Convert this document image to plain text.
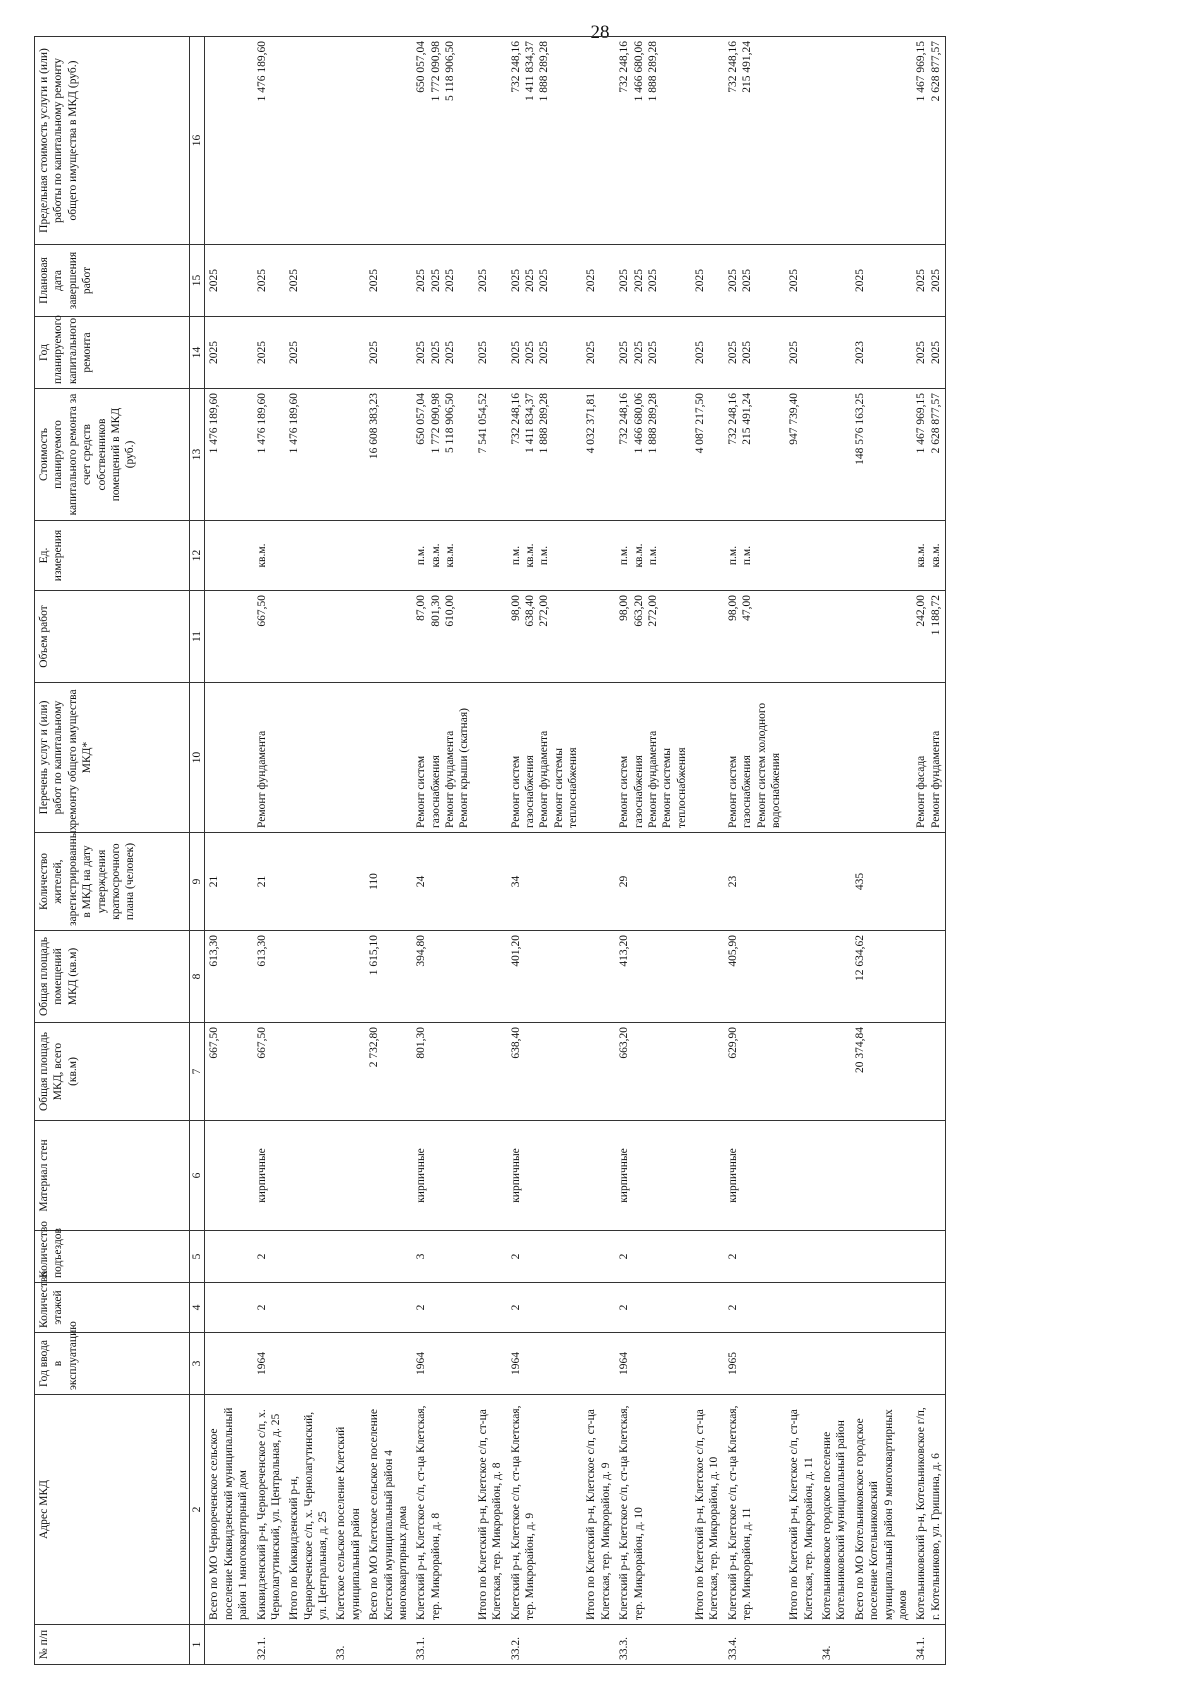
28
№ п/п	Адрес МКД	Год ввода в эксплуатацию	Количество этажей	Количество подъездов	Материал стен	Общая площадь МКД, всего (кв.м)	Общая площадь помещений МКД (кв.м)	Количество жителей, зарегистрированных в МКД на дату утверждения краткосрочного плана (человек)	Перечень услуг и (или) работ по капитальному ремонту общего имущества МКД*	Объем работ	Ед. измерения	Стоимость планируемого капитального ремонта за счет средств собственников помещений в МКД (руб.)	Год планируемого капитального ремонта	Плановая дата завершения работ	Предельная стоимость услуги и (или) работы по капитальному ремонту общего имущества в МКД (руб.)
1	2	3	4	5	6	7	8	9	10	11	12	13	14	15	16
	Всего по МО Чернореченское сельское поселение Киквидзенский муниципальный район 1 многоквартирный дом					667,50	613,30	21				1 476 189,60	2025	2025	

32.1.	Киквидзенский р-н, Чернореченское с/п, х. Чернолагутинский, ул. Центральная, д. 25	1964	2	2	кирпичные	667,50	613,30	21	Ремонт фундамента	667,50	кв.м.	1 476 189,60	2025	2025	1 476 189,60

	Итого по Киквидзенский р-н, Чернореченское с/п, х. Чернолагутинский, ул. Центральная, д. 25											1 476 189,60	2025	2025	

33.	Клетское сельское поселение Клетский муниципальный район								

	Всего по МО Клетское сельское поселение Клетский муниципальный район 4 многоквартирных дома					2 732,80	1 615,10	110				16 608 383,23	2025	2025	

33.1.	Клетский р-н, Клетское с/п, ст-ца Клетская, тер. Микрорайон, д. 8	1964	2	3	кирпичные	801,30	394,80	24	Ремонт систем газоснабжения Ремонт фундамента Ремонт крыши (скатная)	87,00 801,30 610,00	п.м. кв.м. кв.м.	650 057,04 1 772 090,98 5 118 906,50	2025 2025 2025	2025 2025 2025	650 057,04 1 772 090,98 5 118 906,50

	Итого по Клетский р-н, Клетское с/п, ст-ца Клетская, тер. Микрорайон, д. 8											7 541 054,52	2025	2025	

33.2.	Клетский р-н, Клетское с/п, ст-ца Клетская, тер. Микрорайон, д. 9	1964	2	2	кирпичные	638,40	401,20	34	Ремонт систем газоснабжения Ремонт фундамента Ремонт системы теплоснабжения	98,00 638,40 272,00	п.м. кв.м. п.м.	732 248,16 1 411 834,37 1 888 289,28	2025 2025 2025	2025 2025 2025	732 248,16 1 411 834,37 1 888 289,28

	Итого по Клетский р-н, Клетское с/п, ст-ца Клетская, тер. Микрорайон, д. 9											4 032 371,81	2025	2025	

33.3.	Клетский р-н, Клетское с/п, ст-ца Клетская, тер. Микрорайон, д. 10	1964	2	2	кирпичные	663,20	413,20	29	Ремонт систем газоснабжения Ремонт фундамента Ремонт системы теплоснабжения	98,00 663,20 272,00	п.м. кв.м. п.м.	732 248,16 1 466 680,06 1 888 289,28	2025 2025 2025	2025 2025 2025	732 248,16 1 466 680,06 1 888 289,28

	Итого по Клетский р-н, Клетское с/п, ст-ца Клетская, тер. Микрорайон, д. 10											4 087 217,50	2025	2025	

33.4.	Клетский р-н, Клетское с/п, ст-ца Клетская, тер. Микрорайон, д. 11	1965	2	2	кирпичные	629,90	405,90	23	Ремонт систем газоснабжения Ремонт систем холодного водоснабжения	98,00 47,00	п.м. п.м.	732 248,16 215 491,24	2025 2025	2025 2025	732 248,16 215 491,24

	Итого по Клетский р-н, Клетское с/п, ст-ца Клетская, тер. Микрорайон, д. 11											947 739,40	2025	2025	

34.	Котельниковское городское поселение Котельниковский муниципальный район								

	Всего по МО Котельниковское городское поселение Котельниковский муниципальный район 9 многоквартирных домов					20 374,84	12 634,62	435				148 576 163,25	2023	2025	

34.1.	Котельниковский р-н, Котельниковское г/п, г. Котельниково, ул. Гришина, д. 6								Ремонт фасада Ремонт фундамента	242,00 1 188,72	кв.м. кв.м.	1 467 969,15 2 628 877,57	2025 2025	2025 2025	1 467 969,15 2 628 877,57
